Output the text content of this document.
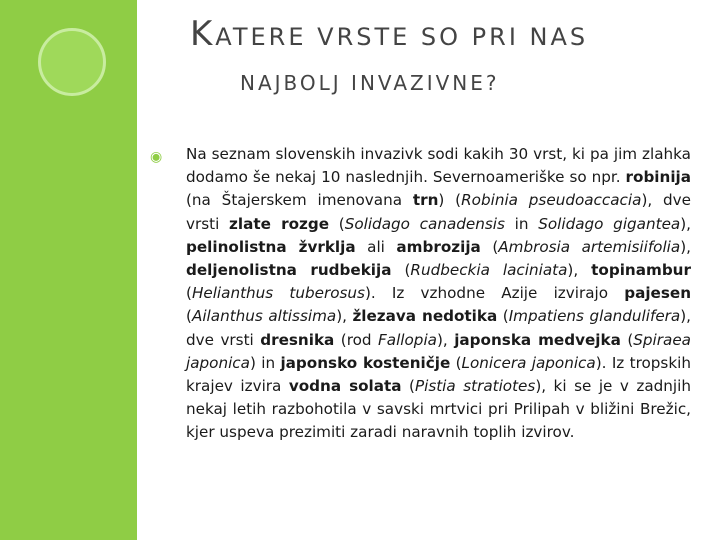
KATERE VRSTE SO PRI NAS
NAJBOLJ INVAZIVNE?
◉ Na seznam slovenskih invazivk sodi kakih 30 vrst, ki pa jim zlahka dodamo še nekaj 10 naslednjih. Severnoameriške so npr. robinija (na Štajerskem imenovana trn) (Robinia pseudoaccacia), dve vrsti zlate rozge (Solidago canadensis in Solidago gigantea), pelinolistna žvrklja ali ambrozija (Ambrosia artemisiifolia), deljenolistna rudbekija (Rudbeckia laciniata), topinambur (Helianthus tuberosus). Iz vzhodne Azije izvirajo pajesen (Ailanthus altissima), žlezava nedotika (Impatiens glandulifera), dve vrsti dresnika (rod Fallopia), japonska medvejka (Spiraea japonica) in japonsko kosteničje (Lonicera japonica). Iz tropskih krajev izvira vodna solata (Pistia stratiotes), ki se je v zadnjih nekaj letih razbohotila v savski mrtvici pri Prilipah v bližini Brežic, kjer uspeva prezimiti zaradi naravnih toplih izvirov.
